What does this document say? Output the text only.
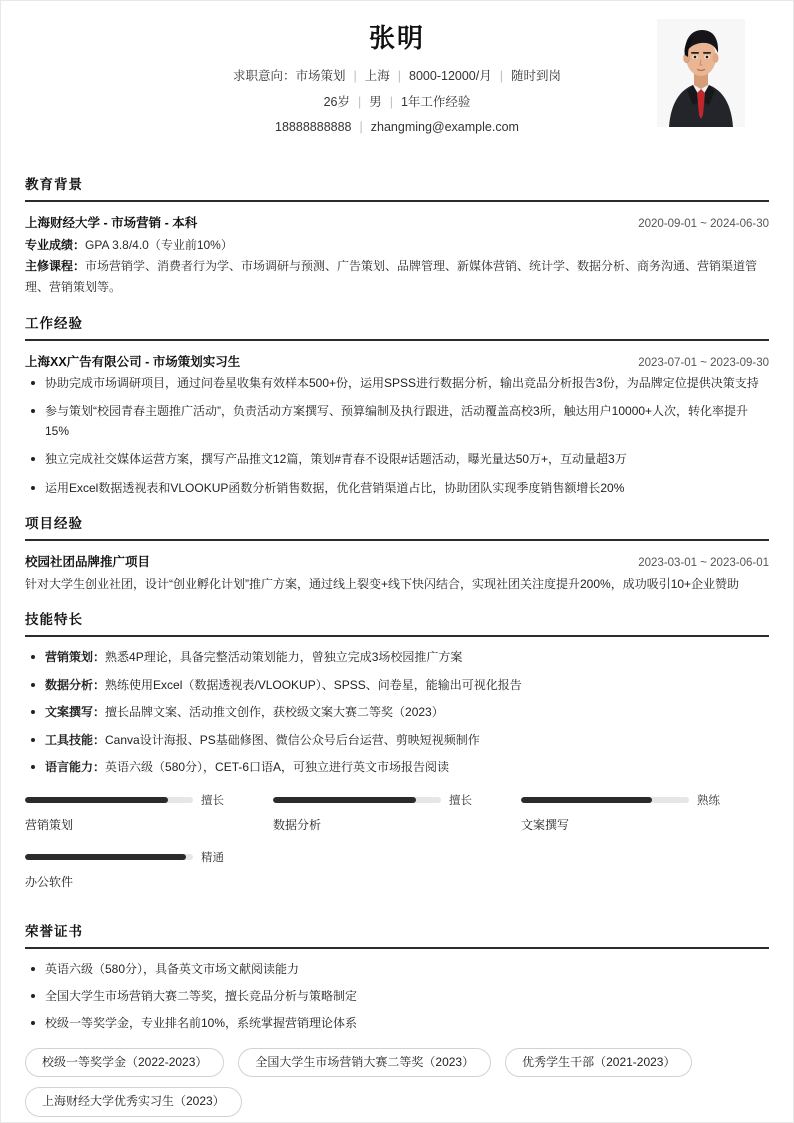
张明
求职意向：市场策划 | 上海 | 8000-12000/月 | 随时到岗
26岁 | 男 | 1年工作经验
18888888888 | zhangming@example.com
教育背景
上海财经大学 - 市场营销 - 本科	2020-09-01 ~ 2024-06-30
专业成绩：GPA 3.8/4.0（专业前10%）
主修课程：市场营销学、消费者行为学、市场调研与预测、广告策划、品牌管理、新媒体营销、统计学、数据分析、商务沟通、营销渠道管理、营销策划等。
工作经验
上海XX广告有限公司 - 市场策划实习生	2023-07-01 ~ 2023-09-30
协助完成市场调研项目，通过问卷星收集有效样本500+份，运用SPSS进行数据分析，输出竞品分析报告3份，为品牌定位提供决策支持
参与策划“校园青春主题推广活动”，负责活动方案撰写、预算编制及执行跟进，活动覆盖高校3所，触达用户10000+人次，转化率提升15%
独立完成社交媒体运营方案，撰写产品推文12篇，策划#青春不设限#话题活动，曝光量达50万+，互动量超3万
运用Excel数据透视表和VLOOKUP函数分析销售数据，优化营销渠道占比，协助团队实现季度销售额增长20%
项目经验
校园社团品牌推广项目	2023-03-01 ~ 2023-06-01
针对大学生创业社团，设计“创业孵化计划”推广方案，通过线上裂变+线下快闪结合，实现社团关注度提升200%，成功吸引10+企业赞助
技能特长
营销策划：熟悉4P理论，具备完整活动策划能力，曾独立完成3场校园推广方案
数据分析：熟练使用Excel（数据透视表/VLOOKUP）、SPSS、问卷星，能输出可视化报告
文案撰写：擅长品牌文案、活动推文创作，获校级文案大赛二等奖（2023）
工具技能：Canva设计海报、PS基础修图、微信公众号后台运营、剪映短视频制作
语言能力：英语六级（580分），CET-6口语A，可独立进行英文市场报告阅读
擅长
营销策划
擅长
数据分析
熟练
文案撰写
精通
办公软件
荣誉证书
英语六级（580分），具备英文市场文献阅读能力
全国大学生市场营销大赛二等奖，擅长竞品分析与策略制定
校级一等奖学金，专业排名前10%，系统掌握营销理论体系
校级一等奖学金（2022-2023）	全国大学生市场营销大赛二等奖（2023）	优秀学生干部（2021-2023）
上海财经大学优秀实习生（2023）
